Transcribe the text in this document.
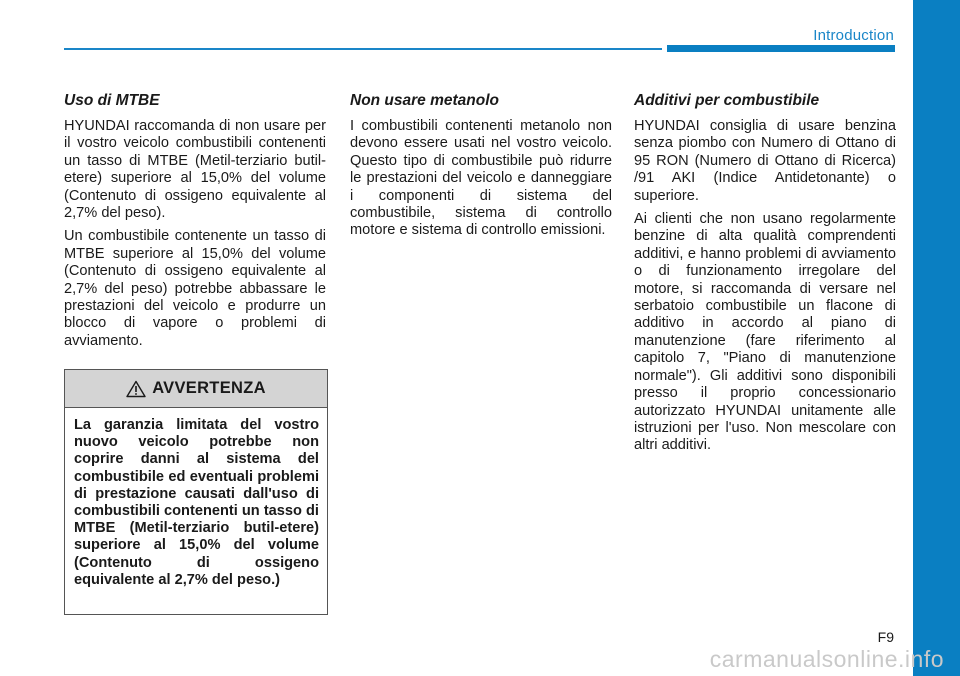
Introduction
Uso di MTBE

HYUNDAI raccomanda di non usare per il vostro veicolo combustibili contenenti un tasso di MTBE (Metil-terziario butil-etere) superiore al 15,0% del volume (Contenuto di ossigeno equivalente al 2,7% del peso).

Un combustibile contenente un tasso di MTBE superiore al 15,0% del volume (Contenuto di ossigeno equivalente al 2,7% del peso) potrebbe abbassare le prestazioni del veicolo e produrre un blocco di vapore o problemi di avviamento.

AVVERTENZA
La garanzia limitata del vostro nuovo veicolo potrebbe non coprire danni al sistema del combustibile ed eventuali problemi di prestazione causati dall'uso di combustibili contenenti un tasso di MTBE (Metil-terziario butil-etere) superiore al 15,0% del volume (Contenuto di ossigeno equivalente al 2,7% del peso.)
Non usare metanolo

I combustibili contenenti metanolo non devono essere usati nel vostro veicolo. Questo tipo di combustibile può ridurre le prestazioni del veicolo e danneggiare i componenti di sistema del combustibile, sistema di controllo motore e sistema di controllo emissioni.

Additivi per combustibile

HYUNDAI consiglia di usare benzina senza piombo con Numero di Ottano di 95 RON (Numero di Ottano di Ricerca) /91 AKI (Indice Antidetonante) o superiore.

Ai clienti che non usano regolarmente benzine di alta qualità comprendenti additivi, e hanno problemi di avviamento o di funzionamento irregolare del motore, si raccomanda di versare nel serbatoio combustibile un flacone di additivo in accordo al piano di manutenzione (fare riferimento al capitolo 7, "Piano di manutenzione normale"). Gli additivi sono disponibili presso il proprio concessionario autorizzato HYUNDAI unitamente alle istruzioni per l'uso. Non mescolare con altri additivi.

F9
carmanualsonline.info
